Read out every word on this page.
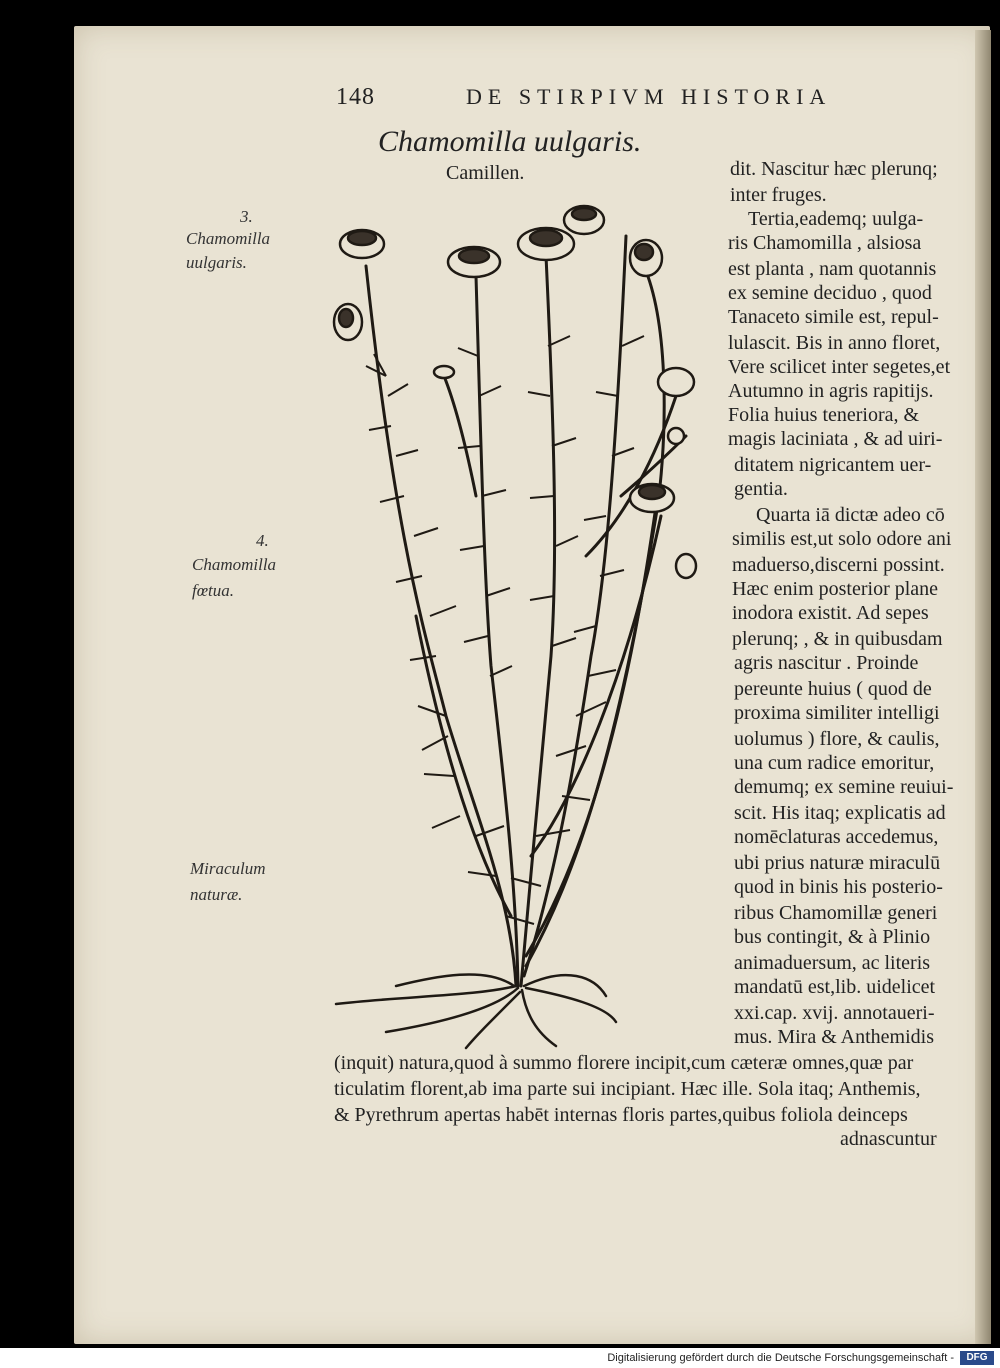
148	DE STIRPIVM HISTORIA
Chamomilla uulgaris.
Camillen.
3.
Chamomilla
uulgaris.
4.
Chamomilla
fœtua.
Miraculum
naturæ.
dit. Nascitur hæc plerunq;
inter fruges.
Tertia,eademq; uulga-
ris Chamomilla , alsiosa
est planta , nam quotannis
ex semine deciduo , quod
Tanaceto simile est, repul-
lulascit. Bis in anno floret,
Vere scilicet inter segetes,et
Autumno in agris rapitijs.
Folia huius teneriora, &
magis laciniata , & ad uiri-
ditatem nigricantem uer-
gentia.
Quarta iā dictæ adeo cō
similis est,ut solo odore ani
maduerso,discerni possint.
Hæc enim posterior plane
inodora existit. Ad sepes
plerunq; , & in quibusdam
agris nascitur . Proinde
pereunte huius ( quod de
proxima similiter intelligi
uolumus ) flore, & caulis,
una cum radice emoritur,
demumq; ex semine reuiui-
scit. His itaq; explicatis ad
nomēclaturas accedemus,
ubi prius naturæ miraculū
quod in binis his posterio-
ribus Chamomillæ generi
bus contingit, & à Plinio
animaduersum, ac literis
mandatū est,lib. uidelicet
xxi.cap. xvij. annotaueri-
mus. Mira & Anthemidis
(inquit) natura,quod à summo florere incipit,cum cæteræ omnes,quæ par
ticulatim florent,ab ima parte sui incipiant. Hæc ille. Sola itaq; Anthemis,
& Pyrethrum apertas habēt internas floris partes,quibus foliola deinceps
adnascuntur
Digitalisierung gefördert durch die Deutsche Forschungsgemeinschaft -	DFG
